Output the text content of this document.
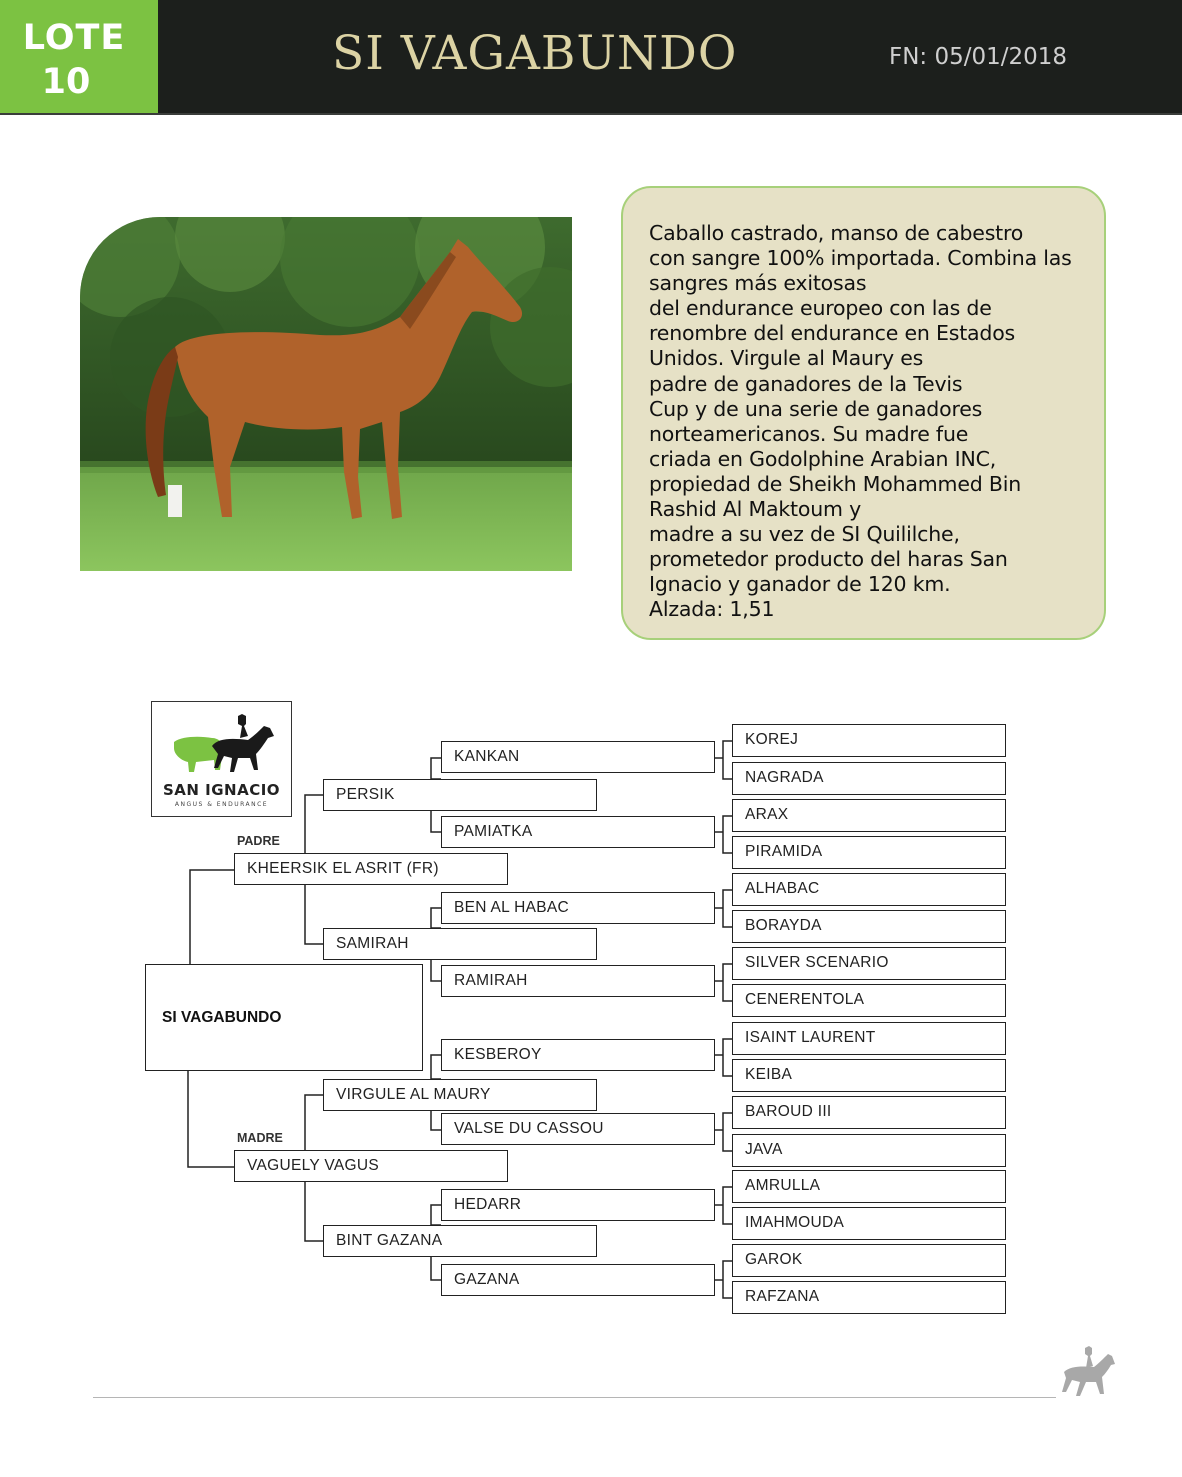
LOTE
10
SI VAGABUNDO	FN: 05/01/2018

Caballo castrado, manso de cabestro

con sangre 100% importada. Combina las

sangres más exitosas

del endurance europeo con las de

renombre del endurance en Estados

Unidos. Virgule al Maury es

padre de ganadores de la Tevis

Cup y de una serie de ganadores

norteamericanos. Su madre fue

criada en Godolphine Arabian INC,

propiedad de Sheikh Mohammed Bin

Rashid Al Maktoum y

madre a su vez de SI Quililche,

prometedor producto del haras San

Ignacio y ganador de 120 km.

Alzada: 1,51

SAN IGNACIO
ANGUS & ENDURANCE
SI VAGABUNDO
PADRE
KHEERSIK EL ASRIT (FR)
MADRE
VAGUELY VAGUS
PERSIK
SAMIRAH
VIRGULE AL MAURY
BINT GAZANA
KANKAN
PAMIATKA
BEN AL HABAC
RAMIRAH
KESBEROY
VALSE DU CASSOU
HEDARR
GAZANA
KOREJ
NAGRADA
ARAX
PIRAMIDA
ALHABAC
BORAYDA
SILVER SCENARIO
CENERENTOLA
ISAINT LAURENT
KEIBA
BAROUD III
JAVA
AMRULLA
IMAHMOUDA
GAROK
RAFZANA
